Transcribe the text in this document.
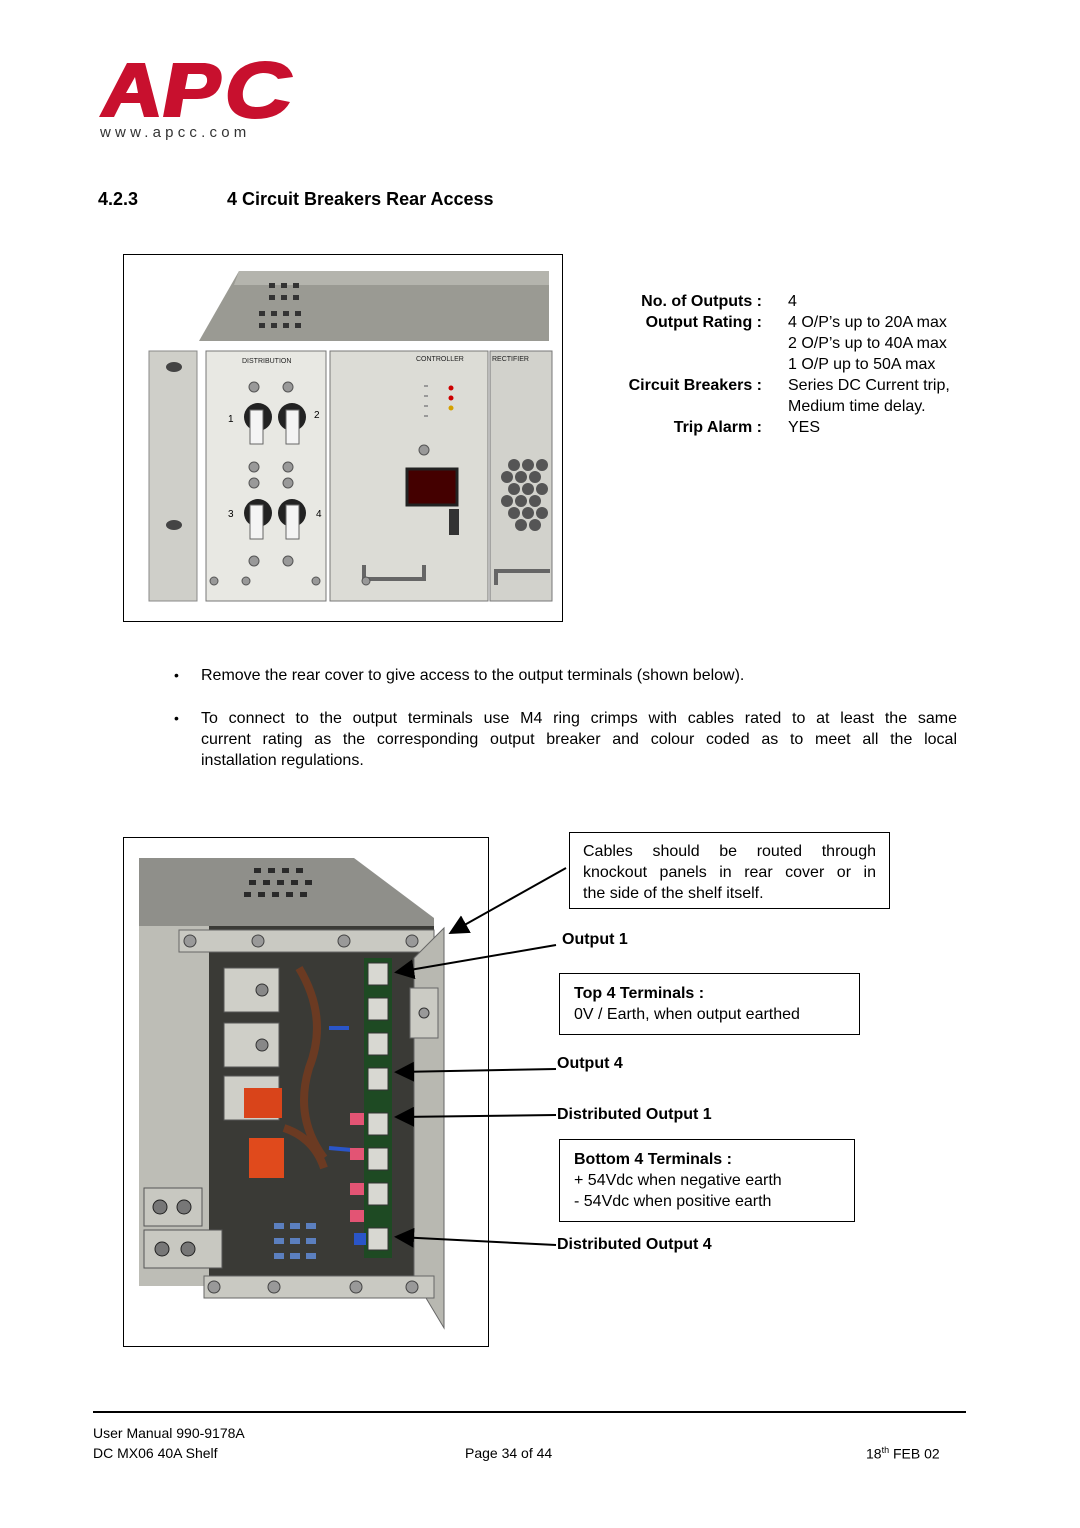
www.apcc.com
4.2.3	4 Circuit Breakers Rear Access
DISTRIBUTION
1	2
3	4
CONTROLLER	RECTIFIER
No. of Outputs : 4
Output Rating : 4 O/P’s up to 20A max
2 O/P’s up to 40A max
1 O/P up to 50A max
Circuit Breakers : Series DC Current trip,
Medium time delay.
Trip Alarm : YES
• Remove the rear cover to give access to the output terminals (shown below).
• To connect to the output terminals use M4 ring crimps with cables rated to at least the same
current rating as the corresponding output breaker and colour coded as to meet all the local
installation regulations.
Cables should be routed through
knockout panels in rear cover or in
the side of the shelf itself.
Output 1
Top 4 Terminals :
0V / Earth, when output earthed
Output 4
Distributed Output 1
Bottom 4 Terminals :
+ 54Vdc when negative earth
- 54Vdc when positive earth
Distributed Output 4
User Manual 990-9178A
DC MX06 40A Shelf	Page 34 of 44	18th FEB 02
